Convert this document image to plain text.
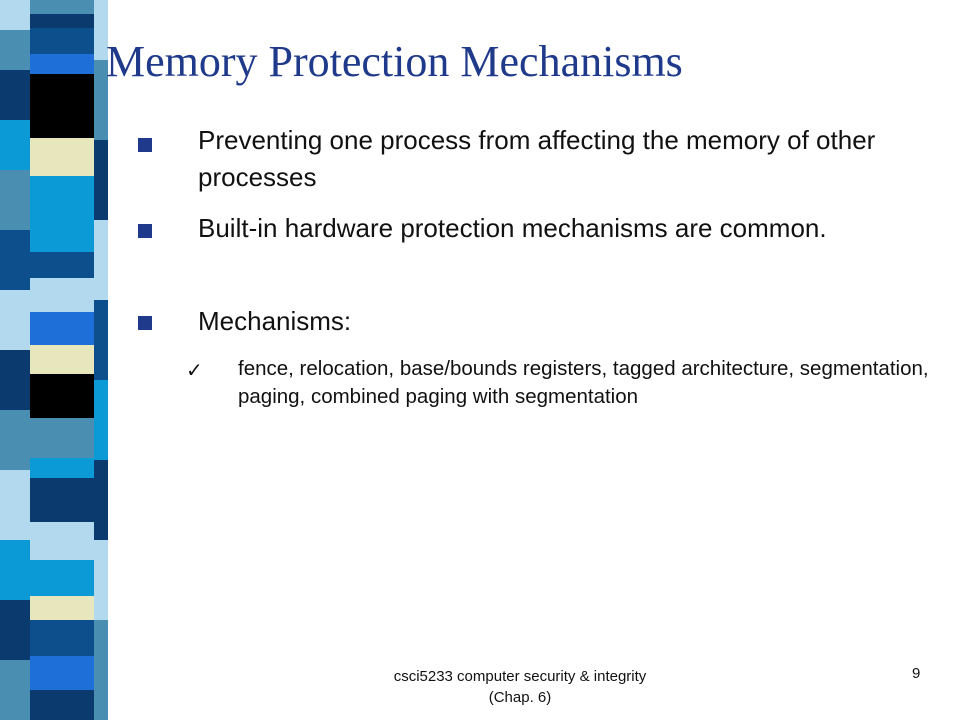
Memory Protection Mechanisms
Preventing one process from affecting the memory of other processes
Built-in hardware protection mechanisms are common.
Mechanisms:
✓ fence, relocation, base/bounds registers, tagged architecture, segmentation, paging, combined paging with segmentation
csci5233 computer security & integrity (Chap. 6)
9
